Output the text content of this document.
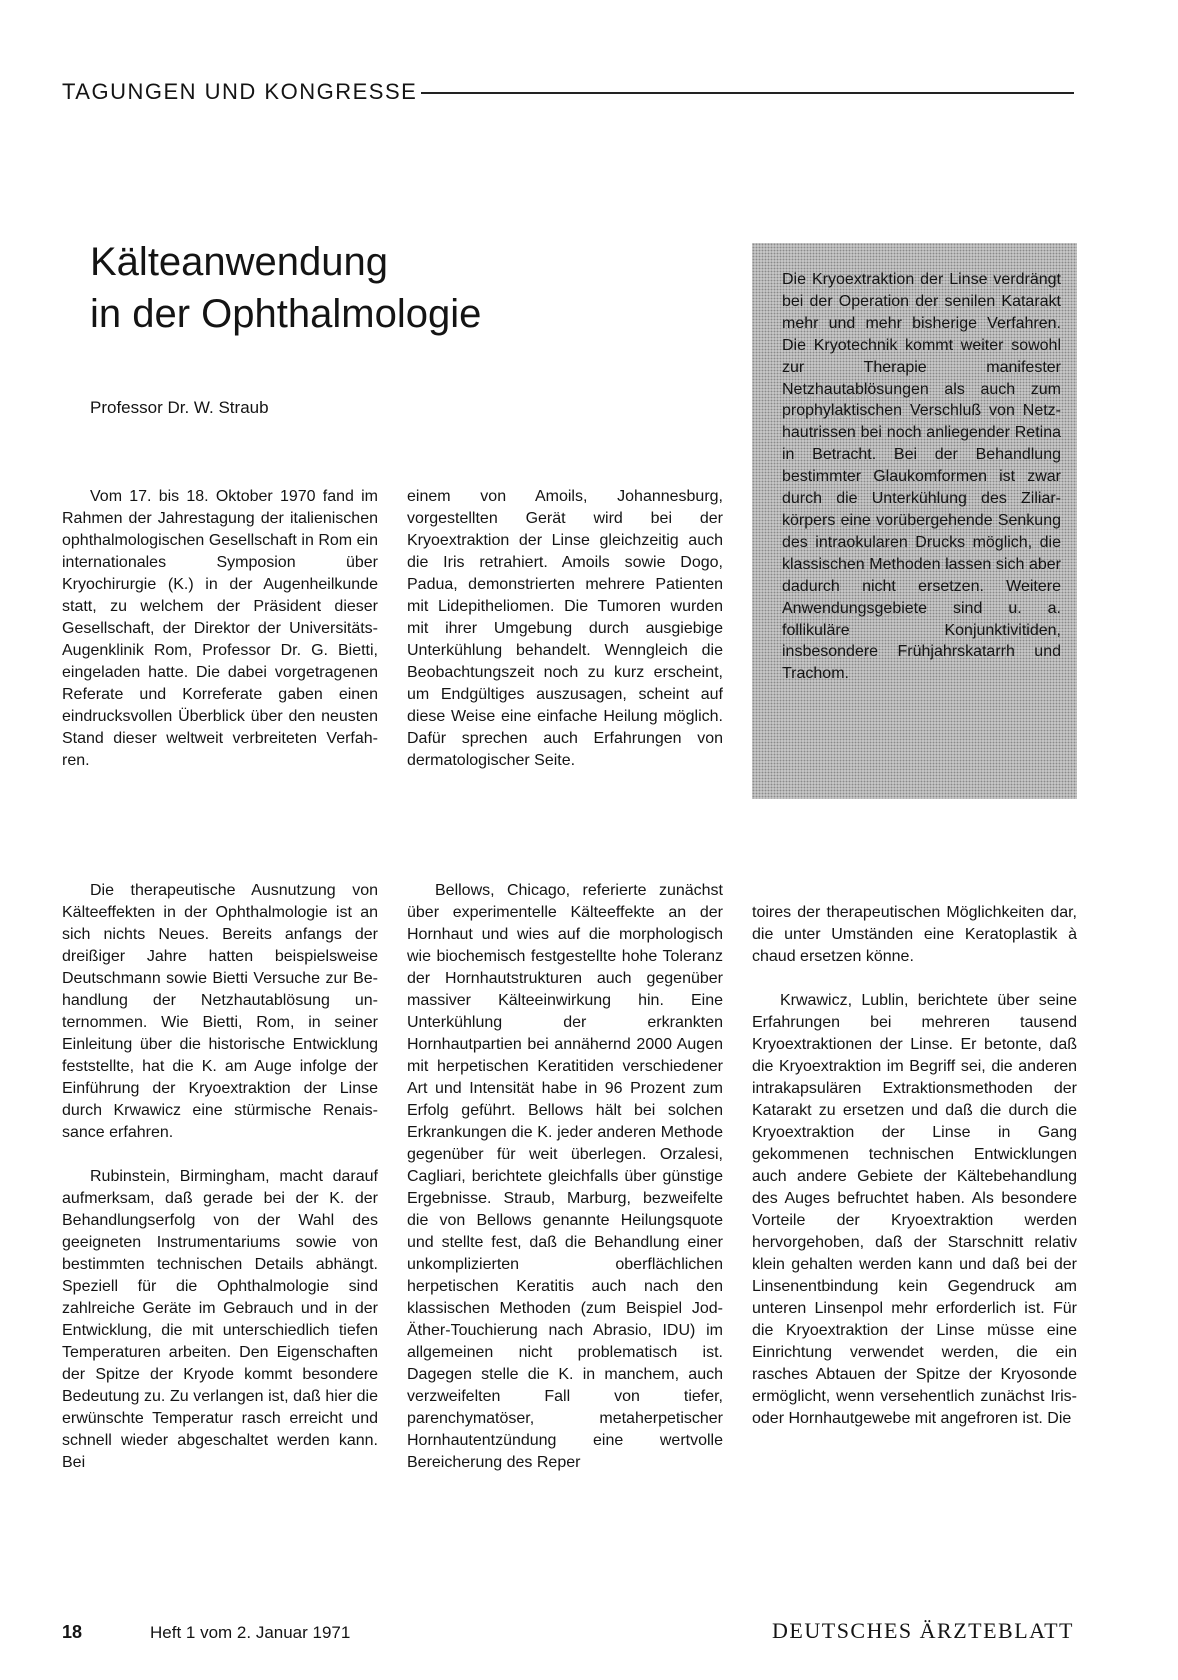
TAGUNGEN UND KONGRESSE
Kälteanwendung
in der Ophthalmologie
Professor Dr. W. Straub

Die Kryoextraktion der Linse verdrängt bei der Operation der senilen Katarakt mehr und mehr bisherige Verfahren. Die Kryotechnik kommt weiter sowohl zur Therapie manifester Netzhautablösungen als auch zum prophylaktischen Verschluß von Netzhautrissen bei noch anliegender Retina in Betracht. Bei der Behandlung bestimmter Glaukomformen ist zwar durch die Unterkühlung des Ziliarkörpers eine vorübergehende Senkung des intraokularen Drucks möglich, die klassischen Methoden lassen sich aber dadurch nicht ersetzen. Weitere Anwendungsgebiete sind u. a. follikuläre Konjunktivitiden, insbesondere Frühjahrskatarrh und Trachom.

Vom 17. bis 18. Oktober 1970 fand im Rahmen der Jahrestagung der italienischen ophthalmologischen Gesellschaft in Rom ein internationales Symposion über Kryochirurgie (K.) in der Augenheilkunde statt, zu welchem der Präsident dieser Gesellschaft, der Direktor der Universitäts-Augenklinik Rom, Professor Dr. G. Bietti, eingeladen hatte. Die dabei vorgetragenen Referate und Korreferate gaben einen eindrucksvollen Überblick über den neusten Stand dieser weltweit verbreiteten Verfahren.

Die therapeutische Ausnutzung von Kälteeffekten in der Ophthalmologie ist an sich nichts Neues. Bereits anfangs der dreißiger Jahre hatten beispielsweise Deutschmann sowie Bietti Versuche zur Behandlung der Netzhautablösung unternommen. Wie Bietti, Rom, in seiner Einleitung über die historische Entwicklung feststellte, hat die K. am Auge infolge der Einführung der Kryoextraktion der Linse durch Krwawicz eine stürmische Renaissance erfahren.

Rubinstein, Birmingham, macht darauf aufmerksam, daß gerade bei der K. der Behandlungserfolg von der Wahl des geeigneten Instrumentariums sowie von bestimmten technischen Details abhängt. Speziell für die Ophthalmologie sind zahlreiche Geräte im Gebrauch und in der Entwicklung, die mit unterschiedlich tiefen Temperaturen arbeiten. Den Eigenschaften der Spitze der Kryode kommt besondere Bedeutung zu. Zu verlangen ist, daß hier die erwünschte Temperatur rasch erreicht und schnell wieder abgeschaltet werden kann. Bei

einem von Amoils, Johannesburg, vorgestellten Gerät wird bei der Kryoextraktion der Linse gleichzeitig auch die Iris retrahiert. Amoils sowie Dogo, Padua, demonstrierten mehrere Patienten mit Lidepitheliomen. Die Tumoren wurden mit ihrer Umgebung durch ausgiebige Unterkühlung behandelt. Wenngleich die Beobachtungszeit noch zu kurz erscheint, um Endgültiges auszusagen, scheint auf diese Weise eine einfache Heilung möglich. Dafür sprechen auch Erfahrungen von dermatologischer Seite.

Bellows, Chicago, referierte zunächst über experimentelle Kälteeffekte an der Hornhaut und wies auf die morphologisch wie biochemisch festgestellte hohe Toleranz der Hornhautstrukturen auch gegenüber massiver Kälteeinwirkung hin. Eine Unterkühlung der erkrankten Hornhautpartien bei annähernd 2000 Augen mit herpetischen Keratitiden verschiedener Art und Intensität habe in 96 Prozent zum Erfolg geführt. Bellows hält bei solchen Erkrankungen die K. jeder anderen Methode gegenüber für weit überlegen. Orzalesi, Cagliari, berichtete gleichfalls über günstige Ergebnisse. Straub, Marburg, bezweifelte die von Bellows genannte Heilungsquote und stellte fest, daß die Behandlung einer unkomplizierten oberflächlichen herpetischen Keratitis auch nach den klassischen Methoden (zum Beispiel Jod-Äther-Touchierung nach Abrasio, IDU) im allgemeinen nicht problematisch ist. Dagegen stelle die K. in manchem, auch verzweifelten Fall von tiefer, parenchymatöser, metaherpetischer Hornhautentzündung eine wertvolle Bereicherung des Reper

toires der therapeutischen Möglichkeiten dar, die unter Umständen eine Keratoplastik à chaud ersetzen könne.

Krwawicz, Lublin, berichtete über seine Erfahrungen bei mehreren tausend Kryoextraktionen der Linse. Er betonte, daß die Kryoextraktion im Begriff sei, die anderen intrakapsulären Extraktionsmethoden der Katarakt zu ersetzen und daß die durch die Kryoextraktion der Linse in Gang gekommenen technischen Entwicklungen auch andere Gebiete der Kältebehandlung des Auges befruchtet haben. Als besondere Vorteile der Kryoextraktion werden hervorgehoben, daß der Starschnitt relativ klein gehalten werden kann und daß bei der Linsenentbindung kein Gegendruck am unteren Linsenpol mehr erforderlich ist. Für die Kryoextraktion der Linse müsse eine Einrichtung verwendet werden, die ein rasches Abtauen der Spitze der Kryosonde ermöglicht, wenn versehentlich zunächst Iris- oder Hornhautgewebe mit angefroren ist. Die

18	Heft 1 vom 2. Januar 1971	DEUTSCHES ÄRZTEBLATT
